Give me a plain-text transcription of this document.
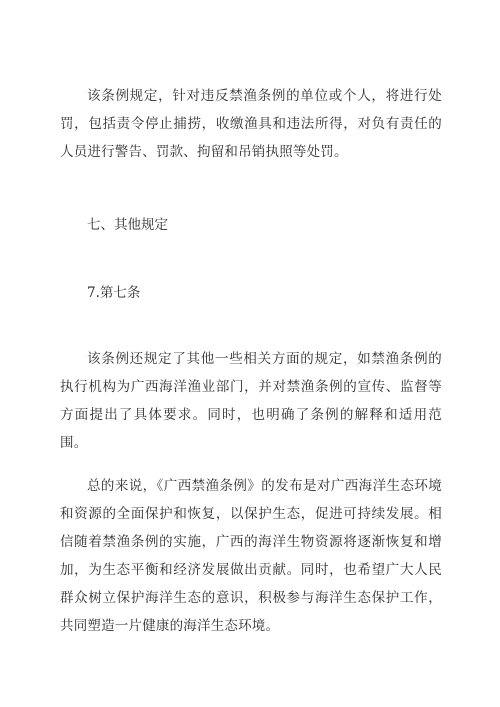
该条例规定，针对违反禁渔条例的单位或个人，将进行处罚，包括责令停止捕捞，收缴渔具和违法所得，对负有责任的人员进行警告、罚款、拘留和吊销执照等处罚。

七、其他规定

7.第七条

该条例还规定了其他一些相关方面的规定，如禁渔条例的执行机构为广西海洋渔业部门，并对禁渔条例的宣传、监督等方面提出了具体要求。同时，也明确了条例的解释和适用范围。

总的来说，《广西禁渔条例》的发布是对广西海洋生态环境和资源的全面保护和恢复，以保护生态，促进可持续发展。相信随着禁渔条例的实施，广西的海洋生物资源将逐渐恢复和增加，为生态平衡和经济发展做出贡献。同时，也希望广大人民群众树立保护海洋生态的意识，积极参与海洋生态保护工作，共同塑造一片健康的海洋生态环境。
